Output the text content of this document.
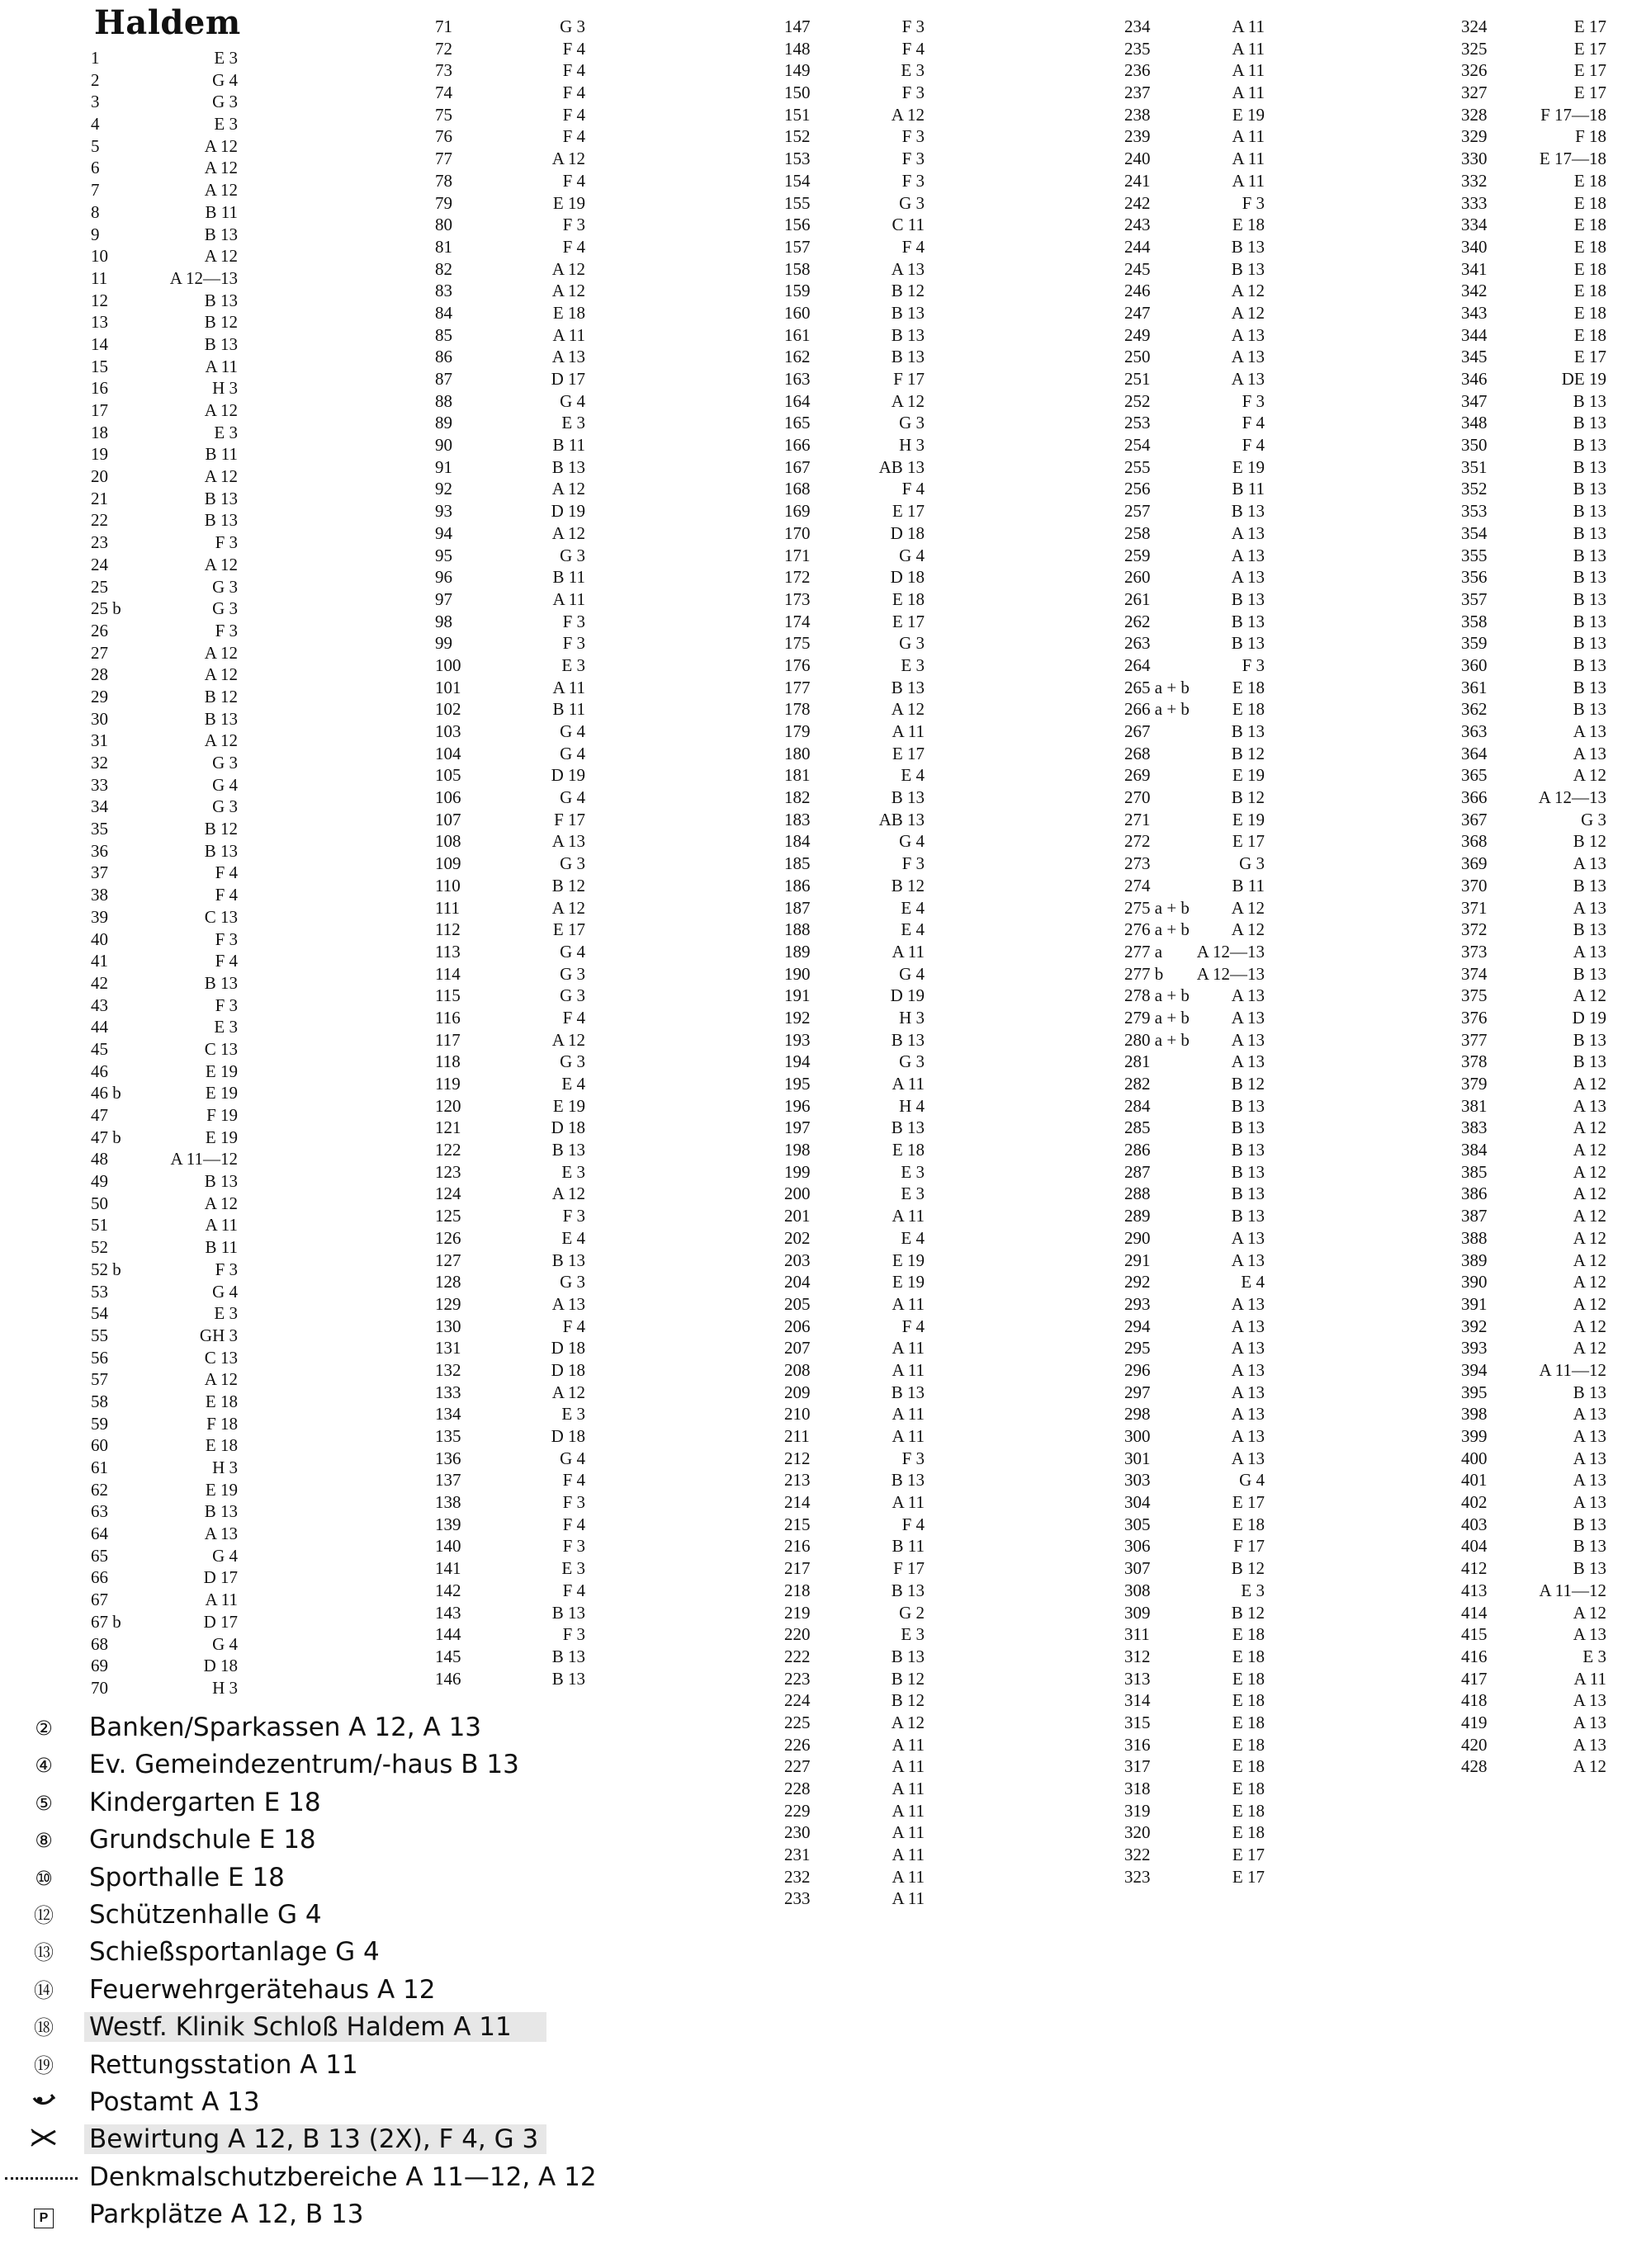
Haldem
1	E 3
2	G 4
3	G 3
4	E 3
5	A 12
6	A 12
7	A 12
8	B 11
9	B 13
10	A 12
11	A 12—13
12	B 13
13	B 12
14	B 13
15	A 11
16	H 3
17	A 12
18	E 3
19	B 11
20	A 12
21	B 13
22	B 13
23	F 3
24	A 12
25	G 3
25 b	G 3
26	F 3
27	A 12
28	A 12
29	B 12
30	B 13
31	A 12
32	G 3
33	G 4
34	G 3
35	B 12
36	B 13
37	F 4
38	F 4
39	C 13
40	F 3
41	F 4
42	B 13
43	F 3
44	E 3
45	C 13
46	E 19
46 b	E 19
47	F 19
47 b	E 19
48	A 11—12
49	B 13
50	A 12
51	A 11
52	B 11
52 b	F 3
53	G 4
54	E 3
55	GH 3
56	C 13
57	A 12
58	E 18
59	F 18
60	E 18
61	H 3
62	E 19
63	B 13
64	A 13
65	G 4
66	D 17
67	A 11
67 b	D 17
68	G 4
69	D 18
70	H 3
71	G 3
72	F 4
73	F 4
74	F 4
75	F 4
76	F 4
77	A 12
78	F 4
79	E 19
80	F 3
81	F 4
82	A 12
83	A 12
84	E 18
85	A 11
86	A 13
87	D 17
88	G 4
89	E 3
90	B 11
91	B 13
92	A 12
93	D 19
94	A 12
95	G 3
96	B 11
97	A 11
98	F 3
99	F 3
100	E 3
101	A 11
102	B 11
103	G 4
104	G 4
105	D 19
106	G 4
107	F 17
108	A 13
109	G 3
110	B 12
111	A 12
112	E 17
113	G 4
114	G 3
115	G 3
116	F 4
117	A 12
118	G 3
119	E 4
120	E 19
121	D 18
122	B 13
123	E 3
124	A 12
125	F 3
126	E 4
127	B 13
128	G 3
129	A 13
130	F 4
131	D 18
132	D 18
133	A 12
134	E 3
135	D 18
136	G 4
137	F 4
138	F 3
139	F 4
140	F 3
141	E 3
142	F 4
143	B 13
144	F 3
145	B 13
146	B 13
147	F 3
148	F 4
149	E 3
150	F 3
151	A 12
152	F 3
153	F 3
154	F 3
155	G 3
156	C 11
157	F 4
158	A 13
159	B 12
160	B 13
161	B 13
162	B 13
163	F 17
164	A 12
165	G 3
166	H 3
167	AB 13
168	F 4
169	E 17
170	D 18
171	G 4
172	D 18
173	E 18
174	E 17
175	G 3
176	E 3
177	B 13
178	A 12
179	A 11
180	E 17
181	E 4
182	B 13
183	AB 13
184	G 4
185	F 3
186	B 12
187	E 4
188	E 4
189	A 11
190	G 4
191	D 19
192	H 3
193	B 13
194	G 3
195	A 11
196	H 4
197	B 13
198	E 18
199	E 3
200	E 3
201	A 11
202	E 4
203	E 19
204	E 19
205	A 11
206	F 4
207	A 11
208	A 11
209	B 13
210	A 11
211	A 11
212	F 3
213	B 13
214	A 11
215	F 4
216	B 11
217	F 17
218	B 13
219	G 2
220	E 3
222	B 13
223	B 12
224	B 12
225	A 12
226	A 11
227	A 11
228	A 11
229	A 11
230	A 11
231	A 11
232	A 11
233	A 11
234	A 11
235	A 11
236	A 11
237	A 11
238	E 19
239	A 11
240	A 11
241	A 11
242	F 3
243	E 18
244	B 13
245	B 13
246	A 12
247	A 12
249	A 13
250	A 13
251	A 13
252	F 3
253	F 4
254	F 4
255	E 19
256	B 11
257	B 13
258	A 13
259	A 13
260	A 13
261	B 13
262	B 13
263	B 13
264	F 3
265 a + b E 18
266 a + b E 18
267	B 13
268	B 12
269	E 19
270	B 12
271	E 19
272	E 17
273	G 3
274	B 11
275 a + b A 12
276 a + b A 12
277 a A 12—13
277 b A 12—13
278 a + b A 13
279 a + b A 13
280 a + b A 13
281	A 13
282	B 12
284	B 13
285	B 13
286	B 13
287	B 13
288	B 13
289	B 13
290	A 13
291	A 13
292	E 4
293	A 13
294	A 13
295	A 13
296	A 13
297	A 13
298	A 13
300	A 13
301	A 13
303	G 4
304	E 17
305	E 18
306	F 17
307	B 12
308	E 3
309	B 12
311	E 18
312	E 18
313	E 18
314	E 18
315	E 18
316	E 18
317	E 18
318	E 18
319	E 18
320	E 18
322	E 17
323	E 17
324	E 17
325	E 17
326	E 17
327	E 17
328	F 17—18
329	F 18
330	E 17—18
332	E 18
333	E 18
334	E 18
340	E 18
341	E 18
342	E 18
343	E 18
344	E 18
345	E 17
346	DE 19
347	B 13
348	B 13
350	B 13
351	B 13
352	B 13
353	B 13
354	B 13
355	B 13
356	B 13
357	B 13
358	B 13
359	B 13
360	B 13
361	B 13
362	B 13
363	A 13
364	A 13
365	A 12
366	A 12—13
367	G 3
368	B 12
369	A 13
370	B 13
371	A 13
372	B 13
373	A 13
374	B 13
375	A 12
376	D 19
377	B 13
378	B 13
379	A 12
381	A 13
383	A 12
384	A 12
385	A 12
386	A 12
387	A 12
388	A 12
389	A 12
390	A 12
391	A 12
392	A 12
393	A 12
394	A 11—12
395	B 13
398	A 13
399	A 13
400	A 13
401	A 13
402	A 13
403	B 13
404	B 13
412	B 13
413	A 11—12
414	A 12
415	A 13
416	E 3
417	A 11
418	A 13
419	A 13
420	A 13
428	A 12
②	Banken/Sparkassen A 12, A 13
④	Ev. Gemeindezentrum/-haus B 13
⑤	Kindergarten E 18
⑧	Grundschule E 18
⑩	Sporthalle E 18
⑫	Schützenhalle G 4
⑬	Schießsportanlage G 4
⑭	Feuerwehrgerätehaus A 12
⑱	Westf. Klinik Schloß Haldem A 11
⑲	Rettungsstation A 11
Postamt A 13
Bewirtung A 12, B 13 (2X), F 4, G 3
Denkmalschutzbereiche A 11—12, A 12
P	Parkplätze A 12, B 13
